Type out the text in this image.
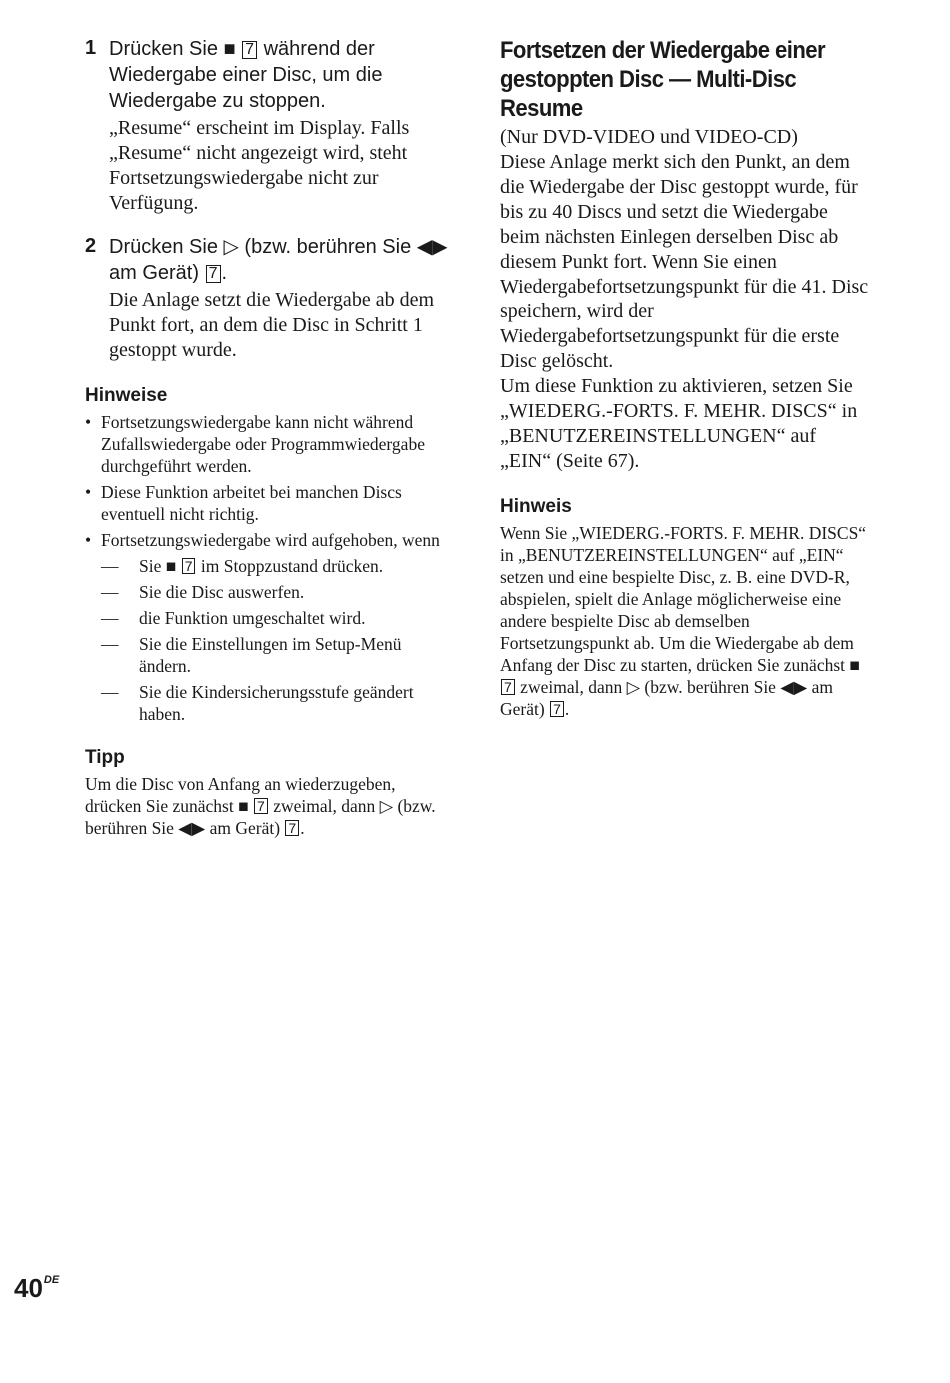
1 Drücken Sie ■ 7 während der Wiedergabe einer Disc, um die Wiedergabe zu stoppen.
„Resume“ erscheint im Display. Falls „Resume“ nicht angezeigt wird, steht Fortsetzungswiedergabe nicht zur Verfügung.
2 Drücken Sie ▷ (bzw. berühren Sie ◀▶ am Gerät) 7 .
Die Anlage setzt die Wiedergabe ab dem Punkt fort, an dem die Disc in Schritt 1 gestoppt wurde.
Hinweise
• Fortsetzungswiedergabe kann nicht während Zufallswiedergabe oder Programmwiedergabe durchgeführt werden.
• Diese Funktion arbeitet bei manchen Discs eventuell nicht richtig.
• Fortsetzungswiedergabe wird aufgehoben, wenn
— Sie ■ 7 im Stoppzustand drücken.
— Sie die Disc auswerfen.
— die Funktion umgeschaltet wird.
— Sie die Einstellungen im Setup-Menü ändern.
— Sie die Kindersicherungsstufe geändert haben.
Tipp
Um die Disc von Anfang an wiederzugeben, drücken Sie zunächst ■ 7 zweimal, dann ▷ (bzw. berühren Sie ◀▶ am Gerät) 7 .
Fortsetzen der Wiedergabe einer gestoppten Disc — Multi-Disc Resume
(Nur DVD-VIDEO und VIDEO-CD)
Diese Anlage merkt sich den Punkt, an dem die Wiedergabe der Disc gestoppt wurde, für bis zu 40 Discs und setzt die Wiedergabe beim nächsten Einlegen derselben Disc ab diesem Punkt fort. Wenn Sie einen Wiedergabefortsetzungspunkt für die 41. Disc speichern, wird der Wiedergabefortsetzungspunkt für die erste Disc gelöscht.
Um diese Funktion zu aktivieren, setzen Sie „WIEDERG.-FORTS. F. MEHR. DISCS“ in „BENUTZEREINSTELLUNGEN“ auf „EIN“ (Seite 67).
Hinweis
Wenn Sie „WIEDERG.-FORTS. F. MEHR. DISCS“ in „BENUTZEREINSTELLUNGEN“ auf „EIN“ setzen und eine bespielte Disc, z. B. eine DVD-R, abspielen, spielt die Anlage möglicherweise eine andere bespielte Disc ab demselben Fortsetzungspunkt ab. Um die Wiedergabe ab dem Anfang der Disc zu starten, drücken Sie zunächst ■ 7 zweimal, dann ▷ (bzw. berühren Sie ◀▶ am Gerät) 7 .
40DE
